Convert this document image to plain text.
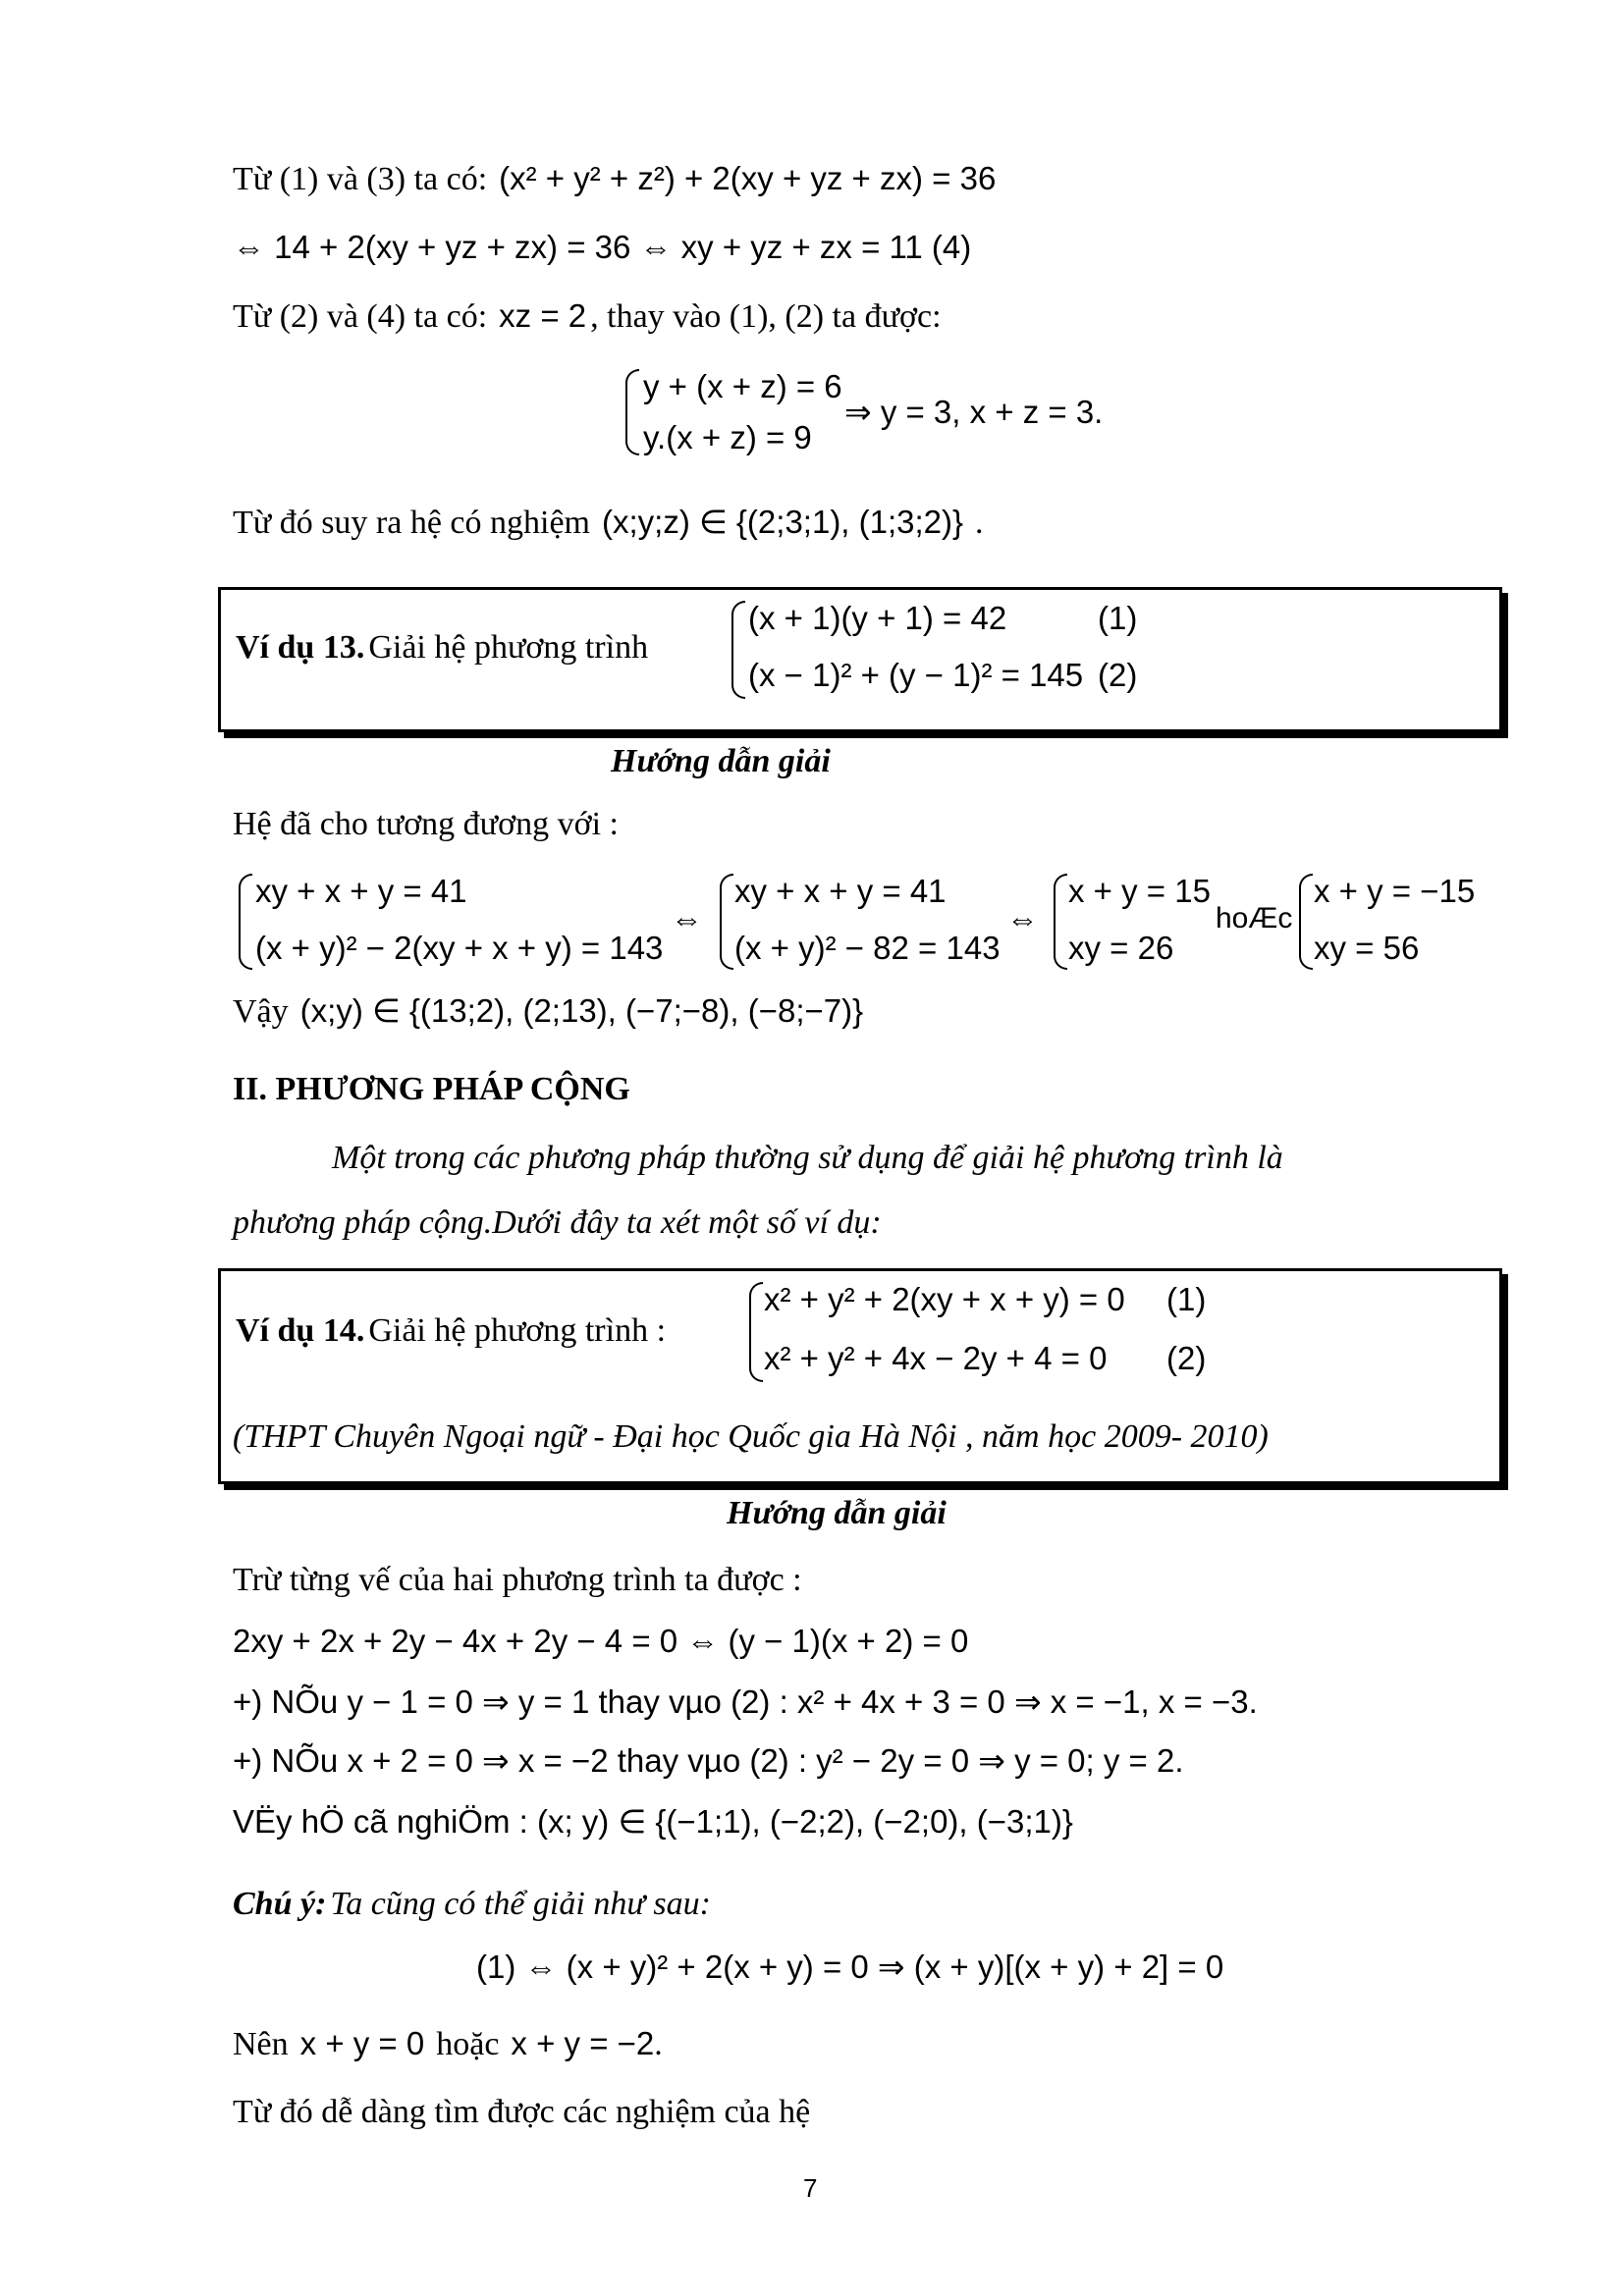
Từ (1) và (3) ta có: (x² + y² + z²) + 2(xy + yz + zx) = 36
⇔ 14 + 2(xy + yz + zx) = 36 ⇔ xy + yz + zx = 11 (4)
Từ (2) và (4) ta có: xz = 2 , thay vào (1), (2) ta được:
y + (x + z) = 6
y.(x + z) = 9
⇒ y = 3, x + z = 3.
Từ đó suy ra hệ có nghiệm (x;y;z) ∈ {(2;3;1), (1;3;2)} .
Ví dụ 13. Giải hệ phương trình
(x + 1)(y + 1) = 42	(1)
(x − 1)² + (y − 1)² = 145 (2)
Hướng dẫn giải
Hệ đã cho tương đương với :
xy + x + y = 41
(x + y)² − 2(xy + x + y) = 143
⇔
xy + x + y = 41
(x + y)² − 82 = 143
⇔
x + y = 15
xy = 26
hoÆc
x + y = −15
xy = 56
Vậy (x;y) ∈ {(13;2), (2;13), (−7;−8), (−8;−7)}
II. PHƯƠNG PHÁP CỘNG
Một trong các phương pháp thường sử dụng để giải hệ phương trình là
phương pháp cộng.Dưới đây ta xét một số ví dụ:
Ví dụ 14. Giải hệ phương trình :
x² + y² + 2(xy + x + y) = 0 (1)
x² + y² + 4x − 2y + 4 = 0 (2)
(THPT Chuyên Ngoại ngữ - Đại học Quốc gia Hà Nội , năm học 2009- 2010)
Hướng dẫn giải
Trừ từng vế của hai phương trình ta được :
2xy + 2x + 2y − 4x + 2y − 4 = 0 ⇔ (y − 1)(x + 2) = 0
+) NÕu y − 1 = 0 ⇒ y = 1 thay vµo (2) : x² + 4x + 3 = 0 ⇒ x = −1, x = −3.
+) NÕu x + 2 = 0 ⇒ x = −2 thay vµo (2) : y² − 2y = 0 ⇒ y = 0; y = 2.
VËy hÖ cã nghiÖm : (x; y) ∈ {(−1;1), (−2;2), (−2;0), (−3;1)}
Chú ý: Ta cũng có thể giải như sau:
(1) ⇔ (x + y)² + 2(x + y) = 0 ⇒ (x + y)[(x + y) + 2] = 0
Nên x + y = 0 hoặc x + y = −2.
Từ đó dễ dàng tìm được các nghiệm của hệ
7
